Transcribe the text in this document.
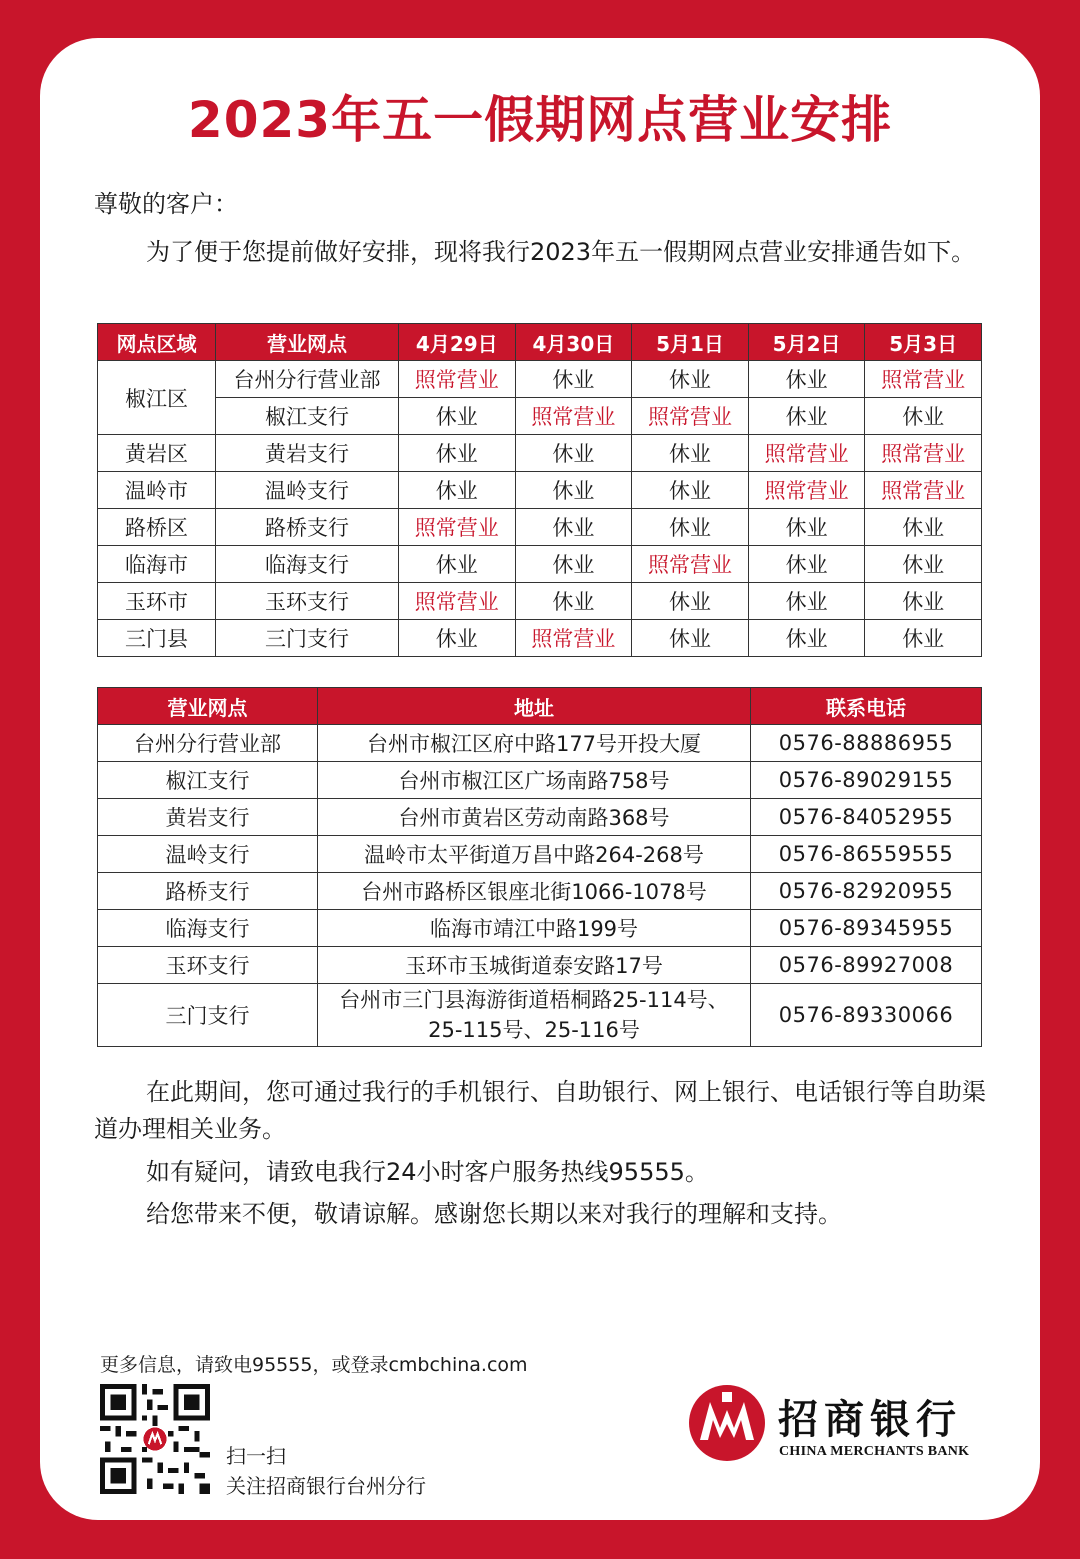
2023年五一假期网点营业安排
尊敬的客户：
为了便于您提前做好安排，现将我行2023年五一假期网点营业安排通告如下。
网点区域	营业网点	4月29日	4月30日	5月1日	5月2日	5月3日
椒江区	台州分行营业部	照常营业	休业	休业	休业	照常营业
	椒江支行	休业	照常营业	照常营业	休业	休业
黄岩区	黄岩支行	休业	休业	休业	照常营业	照常营业
温岭市	温岭支行	休业	休业	休业	照常营业	照常营业
路桥区	路桥支行	照常营业	休业	休业	休业	休业
临海市	临海支行	休业	休业	照常营业	休业	休业
玉环市	玉环支行	照常营业	休业	休业	休业	休业
三门县	三门支行	休业	照常营业	休业	休业	休业
营业网点	地址	联系电话
台州分行营业部	台州市椒江区府中路177号开投大厦	0576-88886955
椒江支行	台州市椒江区广场南路758号	0576-89029155
黄岩支行	台州市黄岩区劳动南路368号	0576-84052955
温岭支行	温岭市太平街道万昌中路264-268号	0576-86559555
路桥支行	台州市路桥区银座北街1066-1078号	0576-82920955
临海支行	临海市靖江中路199号	0576-89345955
玉环支行	玉环市玉城街道泰安路17号	0576-89927008
三门支行	台州市三门县海游街道梧桐路25-114号、
25-115号、25-116号	0576-89330066
在此期间，您可通过我行的手机银行、自助银行、网上银行、电话银行等自助渠道办理相关业务。
如有疑问，请致电我行24小时客户服务热线95555。
给您带来不便，敬请谅解。感谢您长期以来对我行的理解和支持。
更多信息，请致电95555，或登录cmbchina.com
扫一扫
关注招商银行台州分行
招商银行
CHINA MERCHANTS BANK
